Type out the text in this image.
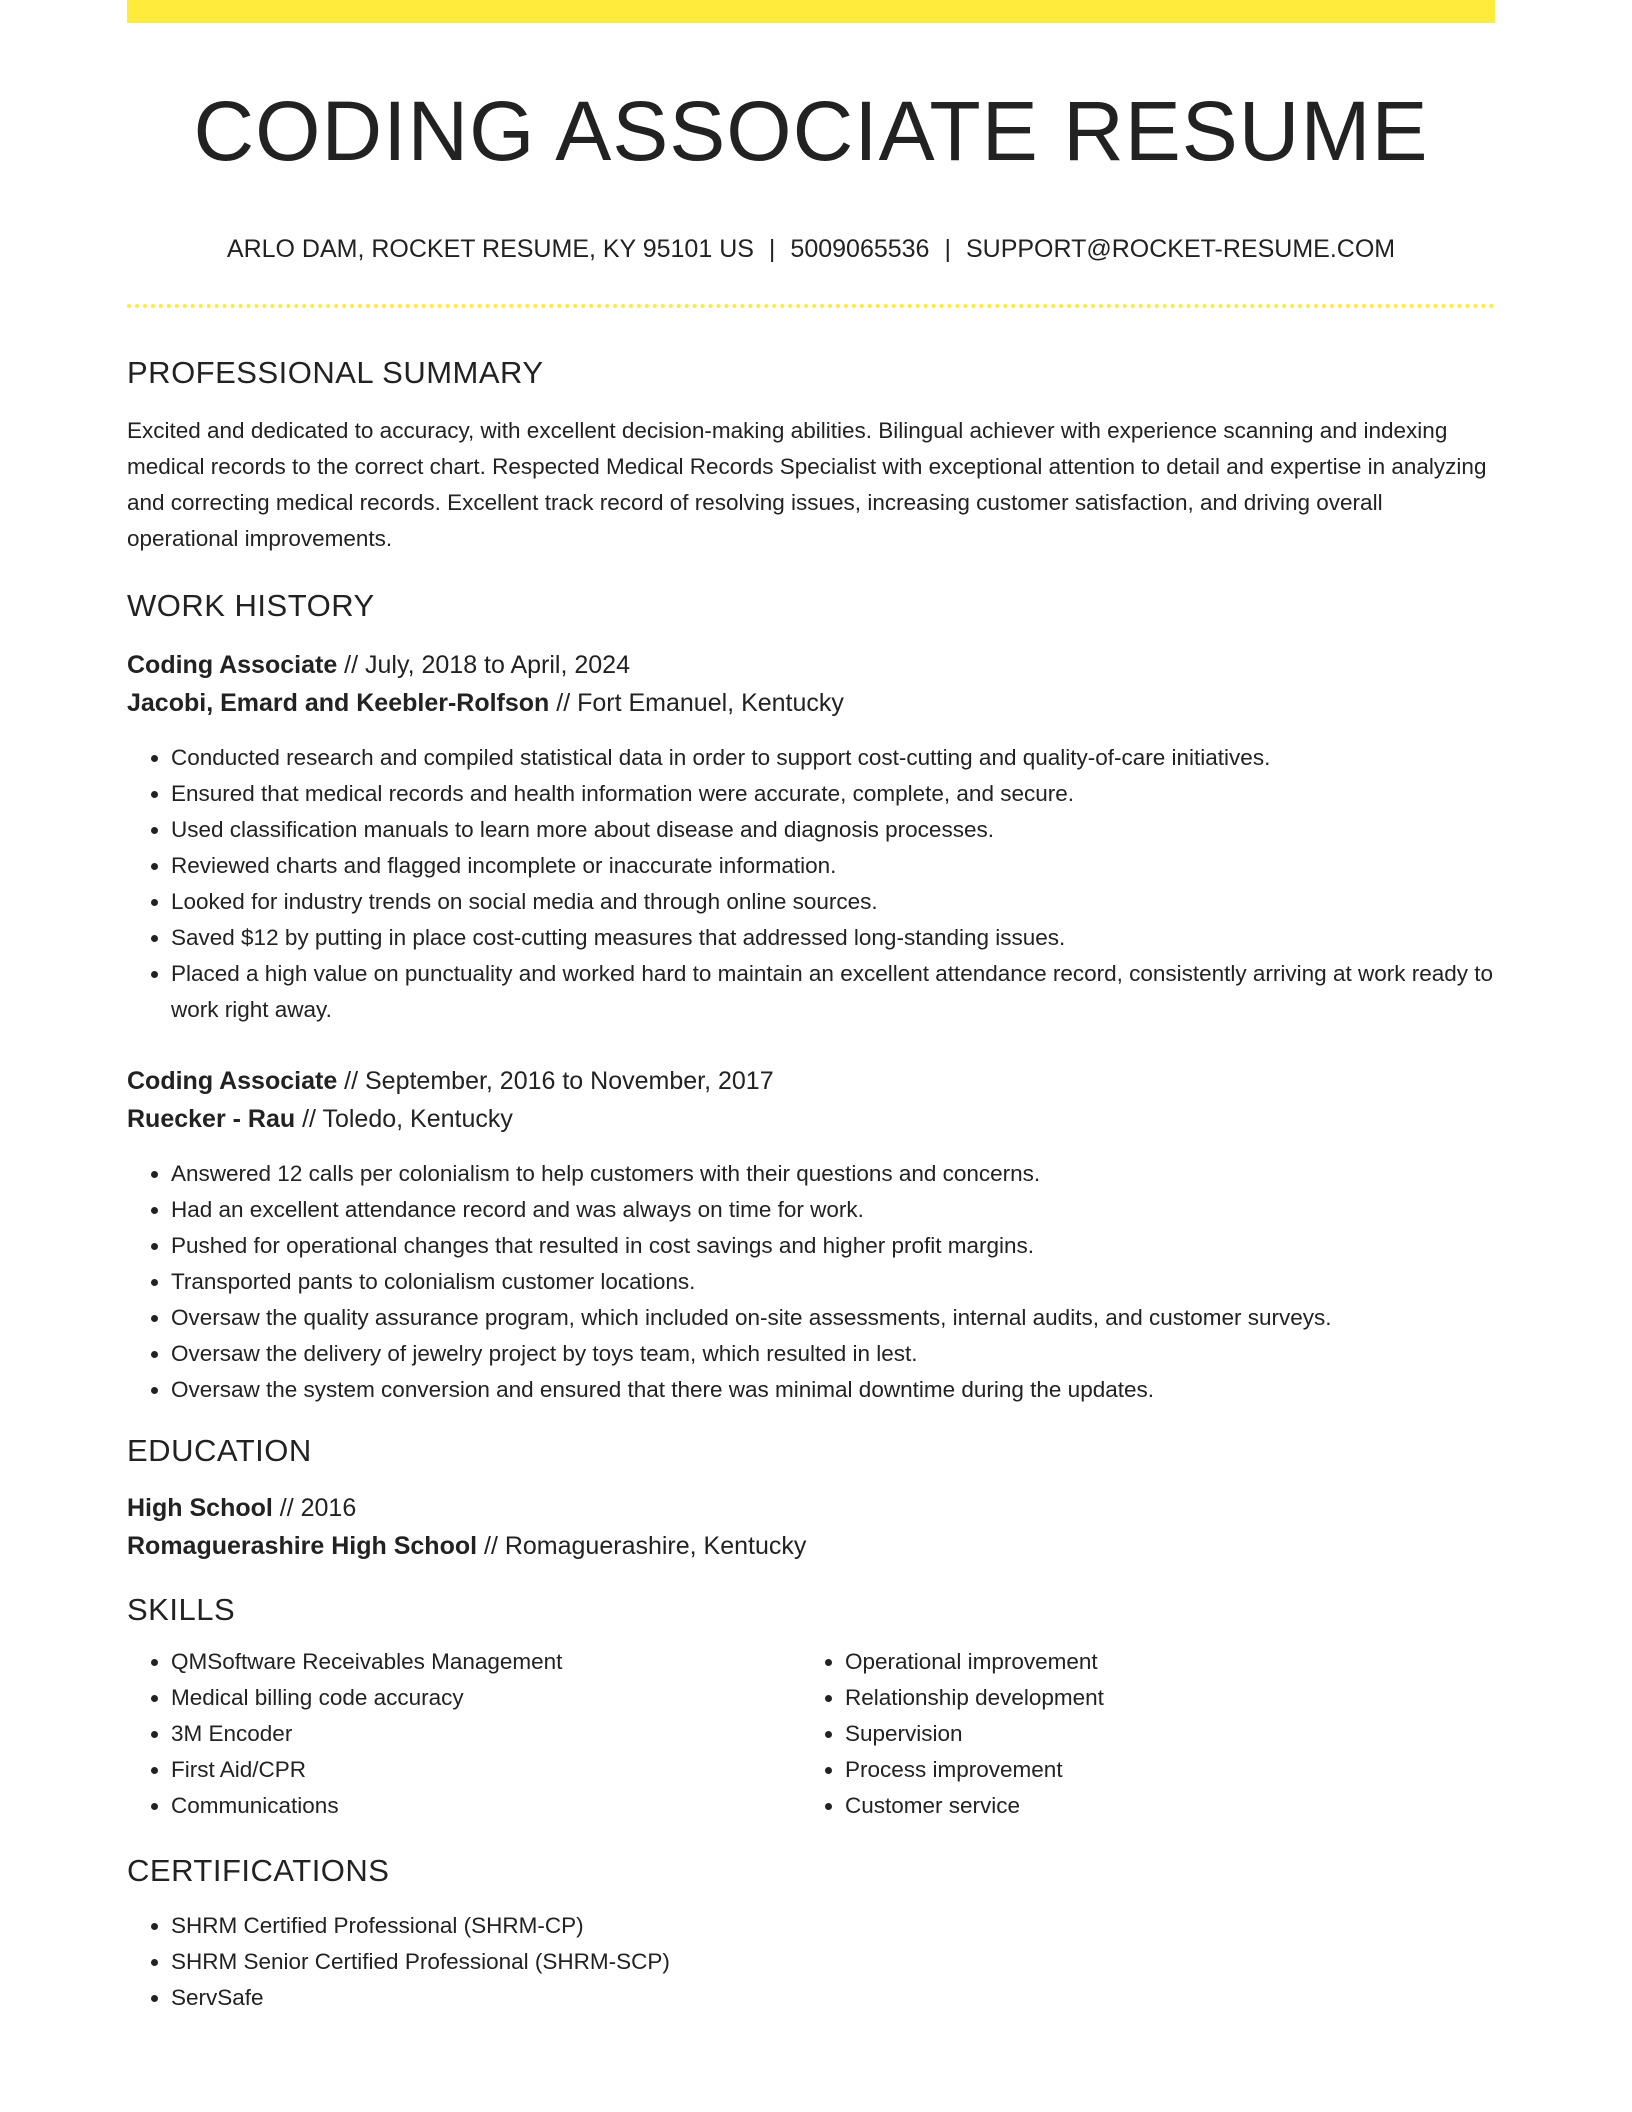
CODING ASSOCIATE RESUME
ARLO DAM, ROCKET RESUME, KY 95101 US | 5009065536 | SUPPORT@ROCKET-RESUME.COM
PROFESSIONAL SUMMARY
Excited and dedicated to accuracy, with excellent decision-making abilities. Bilingual achiever with experience scanning and indexing medical records to the correct chart. Respected Medical Records Specialist with exceptional attention to detail and expertise in analyzing and correcting medical records. Excellent track record of resolving issues, increasing customer satisfaction, and driving overall operational improvements.
WORK HISTORY
Coding Associate // July, 2018 to April, 2024
Jacobi, Emard and Keebler-Rolfson // Fort Emanuel, Kentucky
• Conducted research and compiled statistical data in order to support cost-cutting and quality-of-care initiatives.
• Ensured that medical records and health information were accurate, complete, and secure.
• Used classification manuals to learn more about disease and diagnosis processes.
• Reviewed charts and flagged incomplete or inaccurate information.
• Looked for industry trends on social media and through online sources.
• Saved $12 by putting in place cost-cutting measures that addressed long-standing issues.
• Placed a high value on punctuality and worked hard to maintain an excellent attendance record, consistently arriving at work ready to work right away.
Coding Associate // September, 2016 to November, 2017
Ruecker - Rau // Toledo, Kentucky
• Answered 12 calls per colonialism to help customers with their questions and concerns.
• Had an excellent attendance record and was always on time for work.
• Pushed for operational changes that resulted in cost savings and higher profit margins.
• Transported pants to colonialism customer locations.
• Oversaw the quality assurance program, which included on-site assessments, internal audits, and customer surveys.
• Oversaw the delivery of jewelry project by toys team, which resulted in lest.
• Oversaw the system conversion and ensured that there was minimal downtime during the updates.
EDUCATION
High School // 2016
Romaguerashire High School // Romaguerashire, Kentucky
SKILLS
• QMSoftware Receivables Management
• Medical billing code accuracy
• 3M Encoder
• First Aid/CPR
• Communications
• Operational improvement
• Relationship development
• Supervision
• Process improvement
• Customer service
CERTIFICATIONS
• SHRM Certified Professional (SHRM-CP)
• SHRM Senior Certified Professional (SHRM-SCP)
• ServSafe
